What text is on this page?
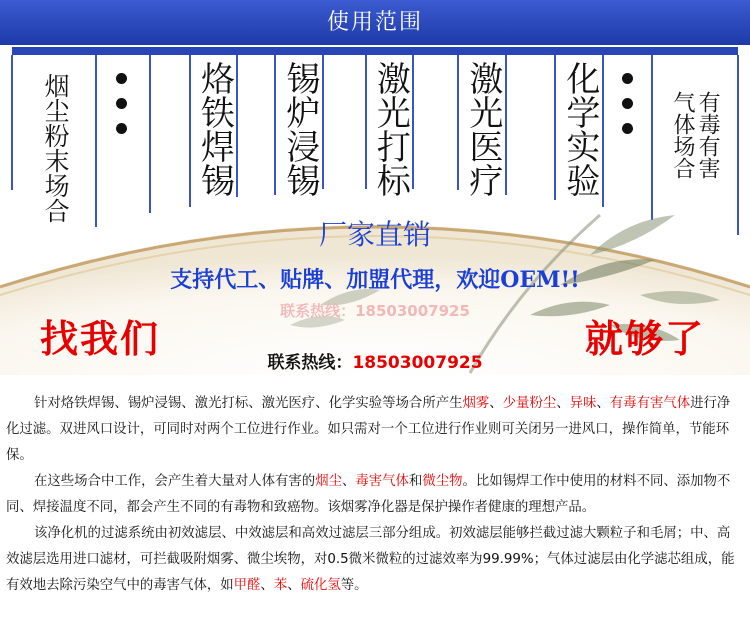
使用范围
烟尘粉末场合	烙铁焊锡 锡炉浸锡 激光打标 激光医疗 化学实验	有毒有害
气体场合
厂家直销
支持代工、贴牌、加盟代理，欢迎OEM!!
联系热线：18503007925
找我们	就够了
联系热线：18503007925

针对烙铁焊锡、锡炉浸锡、激光打标、激光医疗、化学实验等场合所产生烟雾、少量粉尘、异味、有毒有害气体进行净化过滤。双进风口设计，可同时对两个工位进行作业。如只需对一个工位进行作业则可关闭另一进风口，操作简单，节能环保。

在这些场合中工作，会产生着大量对人体有害的烟尘、毒害气体和微尘物。比如锡焊工作中使用的材料不同、添加物不同、焊接温度不同，都会产生不同的有毒物和致癌物。该烟雾净化器是保护操作者健康的理想产品。

该净化机的过滤系统由初效滤层、中效滤层和高效过滤层三部分组成。初效滤层能够拦截过滤大颗粒子和毛屑；中、高效滤层选用进口滤材，可拦截吸附烟雾、微尘埃物，对0.5微米微粒的过滤效率为99.99%；气体过滤层由化学滤芯组成，能有效地去除污染空气中的毒害气体，如甲醛、苯、硫化氢等。
